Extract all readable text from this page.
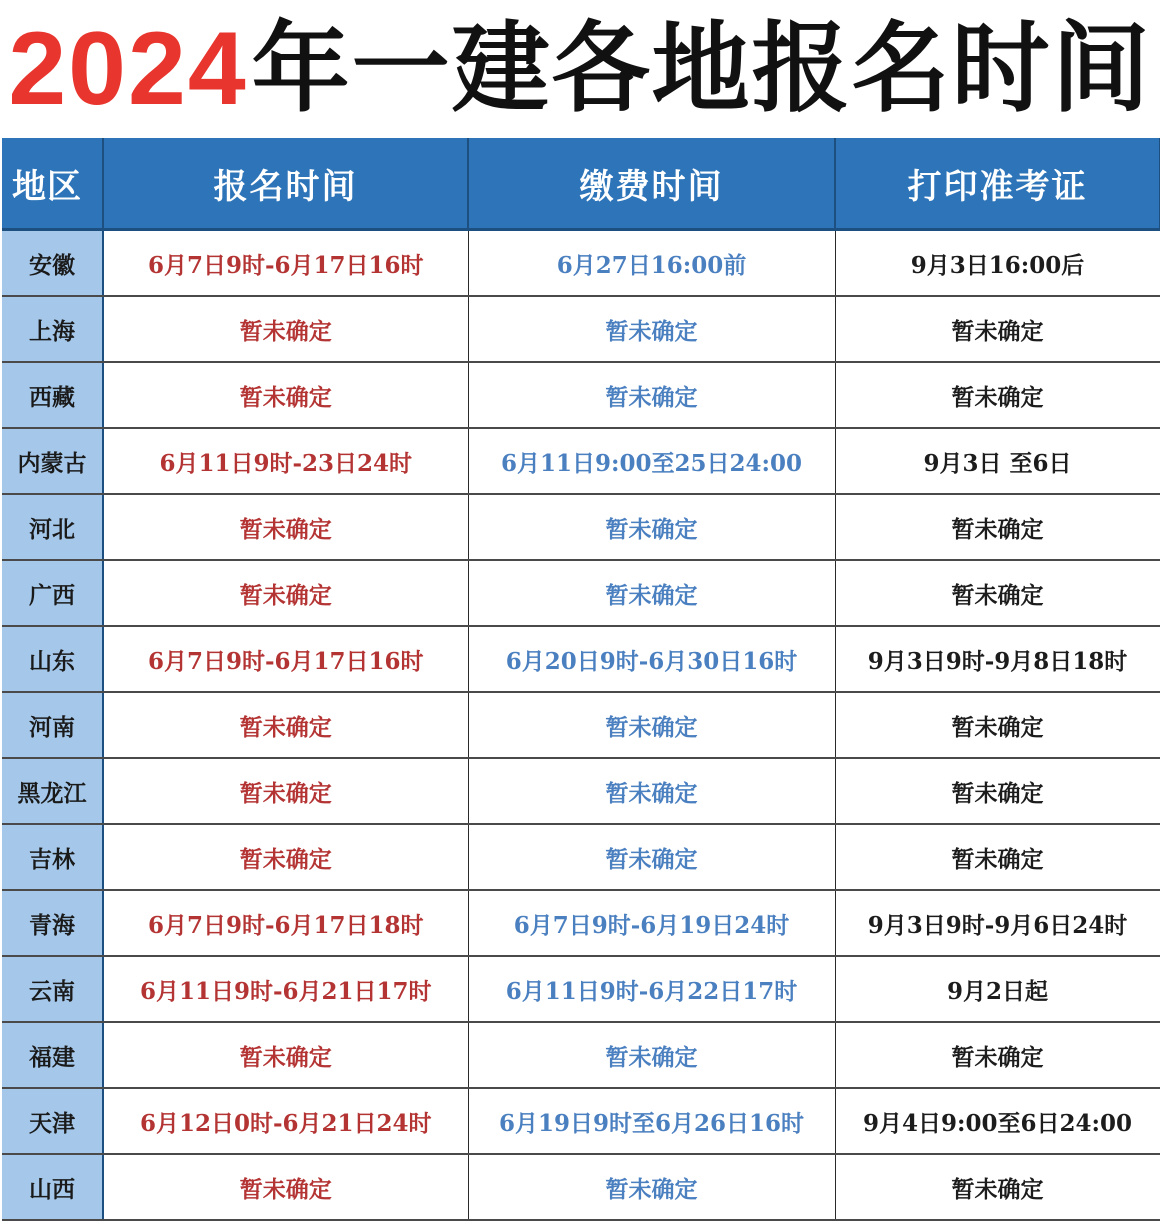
2024 年一建各地报名时间
地区	报名时间	缴费时间	打印准考证
安徽	6月7日9时-6月17日16时	6月27日16:00前	9月3日16:00后
上海	暂未确定	暂未确定	暂未确定
西藏	暂未确定	暂未确定	暂未确定
内蒙古	6月11日9时-23日24时	6月11日9:00至25日24:00	9月3日 至6日
河北	暂未确定	暂未确定	暂未确定
广西	暂未确定	暂未确定	暂未确定
山东	6月7日9时-6月17日16时	6月20日9时-6月30日16时	9月3日9时-9月8日18时
河南	暂未确定	暂未确定	暂未确定
黑龙江	暂未确定	暂未确定	暂未确定
吉林	暂未确定	暂未确定	暂未确定
青海	6月7日9时-6月17日18时	6月7日9时-6月19日24时	9月3日9时-9月6日24时
云南	6月11日9时-6月21日17时	6月11日9时-6月22日17时	9月2日起
福建	暂未确定	暂未确定	暂未确定
天津	6月12日0时-6月21日24时	6月19日9时至6月26日16时	9月4日9:00至6日24:00
山西	暂未确定	暂未确定	暂未确定
